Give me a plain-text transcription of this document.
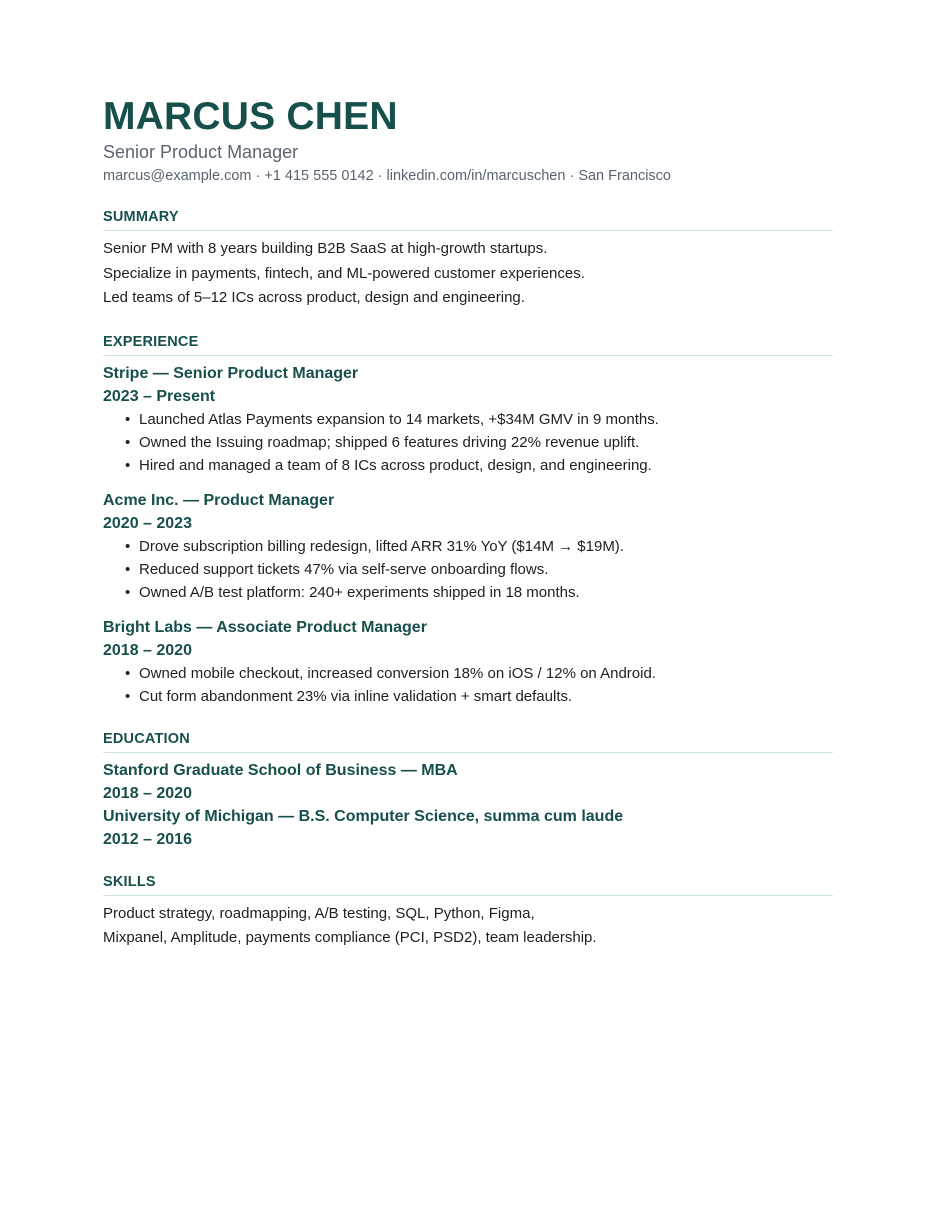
MARCUS CHEN
Senior Product Manager
marcus@example.com · +1 415 555 0142 · linkedin.com/in/marcuschen · San Francisco
SUMMARY
Senior PM with 8 years building B2B SaaS at high-growth startups.
Specialize in payments, fintech, and ML-powered customer experiences.
Led teams of 5–12 ICs across product, design and engineering.
EXPERIENCE
Stripe — Senior Product Manager
2023 – Present
• Launched Atlas Payments expansion to 14 markets, +$34M GMV in 9 months.
• Owned the Issuing roadmap; shipped 6 features driving 22% revenue uplift.
• Hired and managed a team of 8 ICs across product, design, and engineering.
Acme Inc. — Product Manager
2020 – 2023
• Drove subscription billing redesign, lifted ARR 31% YoY ($14M → $19M).
• Reduced support tickets 47% via self-serve onboarding flows.
• Owned A/B test platform: 240+ experiments shipped in 18 months.
Bright Labs — Associate Product Manager
2018 – 2020
• Owned mobile checkout, increased conversion 18% on iOS / 12% on Android.
• Cut form abandonment 23% via inline validation + smart defaults.
EDUCATION
Stanford Graduate School of Business — MBA
2018 – 2020
University of Michigan — B.S. Computer Science, summa cum laude
2012 – 2016
SKILLS
Product strategy, roadmapping, A/B testing, SQL, Python, Figma,
Mixpanel, Amplitude, payments compliance (PCI, PSD2), team leadership.
